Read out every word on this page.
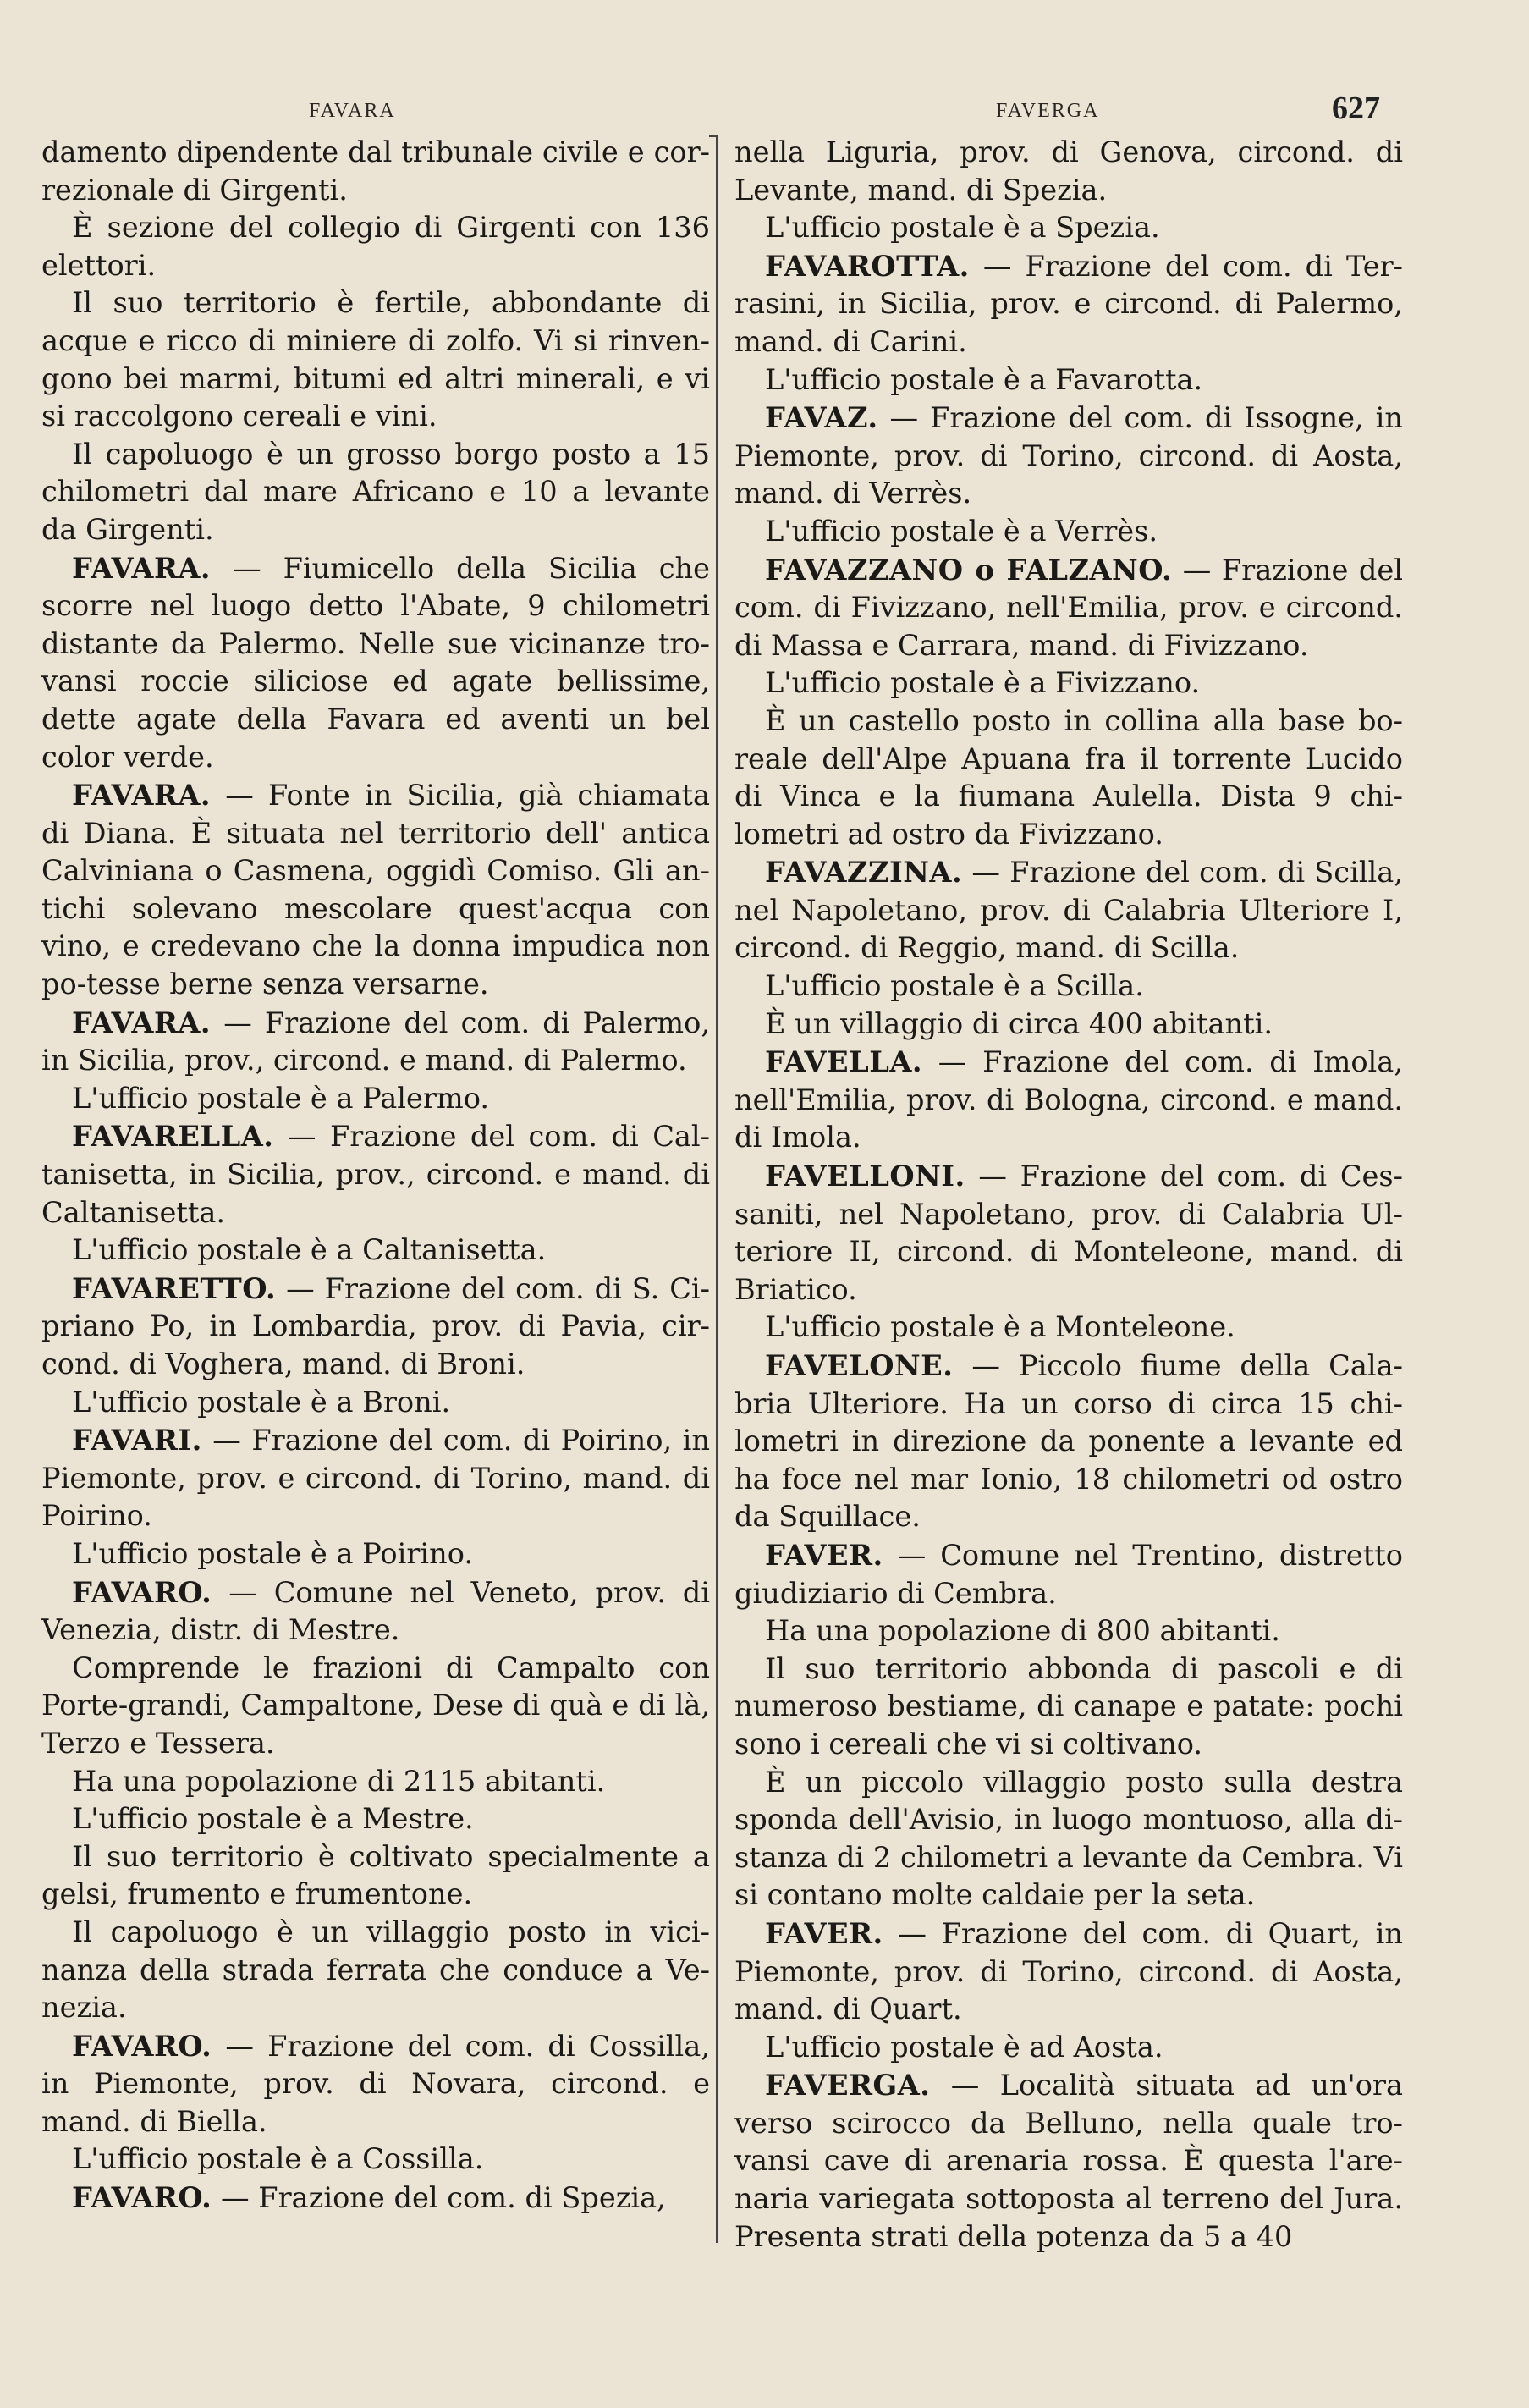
FAVARA	FAVERGA	627

damento dipendente dal tribunale civile e cor-rezionale di Girgenti.

È sezione del collegio di Girgenti con 136 elettori.

Il suo territorio è fertile, abbondante di acque e ricco di miniere di zolfo. Vi si rinven-gono bei marmi, bitumi ed altri minerali, e vi si raccolgono cereali e vini.

Il capoluogo è un grosso borgo posto a 15 chilometri dal mare Africano e 10 a levante da Girgenti.

FAVARA. — Fiumicello della Sicilia che scorre nel luogo detto l'Abate, 9 chilometri distante da Palermo. Nelle sue vicinanze tro-vansi roccie siliciose ed agate bellissime, dette agate della Favara ed aventi un bel color verde.

FAVARA. — Fonte in Sicilia, già chiamata di Diana. È situata nel territorio dell' antica Calviniana o Casmena, oggidì Comiso. Gli an-tichi solevano mescolare quest'acqua con vino, e credevano che la donna impudica non po-tesse berne senza versarne.

FAVARA. — Frazione del com. di Palermo, in Sicilia, prov., circond. e mand. di Palermo.

L'ufficio postale è a Palermo.

FAVARELLA. — Frazione del com. di Cal-tanisetta, in Sicilia, prov., circond. e mand. di Caltanisetta.

L'ufficio postale è a Caltanisetta.

FAVARETTO. — Frazione del com. di S. Ci-priano Po, in Lombardia, prov. di Pavia, cir-cond. di Voghera, mand. di Broni.

L'ufficio postale è a Broni.

FAVARI. — Frazione del com. di Poirino, in Piemonte, prov. e circond. di Torino, mand. di Poirino.

L'ufficio postale è a Poirino.

FAVARO. — Comune nel Veneto, prov. di Venezia, distr. di Mestre.

Comprende le frazioni di Campalto con Porte-grandi, Campaltone, Dese di quà e di là, Terzo e Tessera.

Ha una popolazione di 2115 abitanti.

L'ufficio postale è a Mestre.

Il suo territorio è coltivato specialmente a gelsi, frumento e frumentone.

Il capoluogo è un villaggio posto in vici-nanza della strada ferrata che conduce a Ve-nezia.

FAVARO. — Frazione del com. di Cossilla, in Piemonte, prov. di Novara, circond. e mand. di Biella.

L'ufficio postale è a Cossilla.

FAVARO. — Frazione del com. di Spezia,

nella Liguria, prov. di Genova, circond. di Levante, mand. di Spezia.

L'ufficio postale è a Spezia.

FAVAROTTA. — Frazione del com. di Ter-rasini, in Sicilia, prov. e circond. di Palermo, mand. di Carini.

L'ufficio postale è a Favarotta.

FAVAZ. — Frazione del com. di Issogne, in Piemonte, prov. di Torino, circond. di Aosta, mand. di Verrès.

L'ufficio postale è a Verrès.

FAVAZZANO o FALZANO. — Frazione del com. di Fivizzano, nell'Emilia, prov. e circond. di Massa e Carrara, mand. di Fivizzano.

L'ufficio postale è a Fivizzano.

È un castello posto in collina alla base bo-reale dell'Alpe Apuana fra il torrente Lucido di Vinca e la fiumana Aulella. Dista 9 chi-lometri ad ostro da Fivizzano.

FAVAZZINA. — Frazione del com. di Scilla, nel Napoletano, prov. di Calabria Ulteriore I, circond. di Reggio, mand. di Scilla.

L'ufficio postale è a Scilla.

È un villaggio di circa 400 abitanti.

FAVELLA. — Frazione del com. di Imola, nell'Emilia, prov. di Bologna, circond. e mand. di Imola.

FAVELLONI. — Frazione del com. di Ces-saniti, nel Napoletano, prov. di Calabria Ul-teriore II, circond. di Monteleone, mand. di Briatico.

L'ufficio postale è a Monteleone.

FAVELONE. — Piccolo fiume della Cala-bria Ulteriore. Ha un corso di circa 15 chi-lometri in direzione da ponente a levante ed ha foce nel mar Ionio, 18 chilometri od ostro da Squillace.

FAVER. — Comune nel Trentino, distretto giudiziario di Cembra.

Ha una popolazione di 800 abitanti.

Il suo territorio abbonda di pascoli e di numeroso bestiame, di canape e patate: pochi sono i cereali che vi si coltivano.

È un piccolo villaggio posto sulla destra sponda dell'Avisio, in luogo montuoso, alla di-stanza di 2 chilometri a levante da Cembra. Vi si contano molte caldaie per la seta.

FAVER. — Frazione del com. di Quart, in Piemonte, prov. di Torino, circond. di Aosta, mand. di Quart.

L'ufficio postale è ad Aosta.

FAVERGA. — Località situata ad un'ora verso scirocco da Belluno, nella quale tro-vansi cave di arenaria rossa. È questa l'are-naria variegata sottoposta al terreno del Jura. Presenta strati della potenza da 5 a 40
